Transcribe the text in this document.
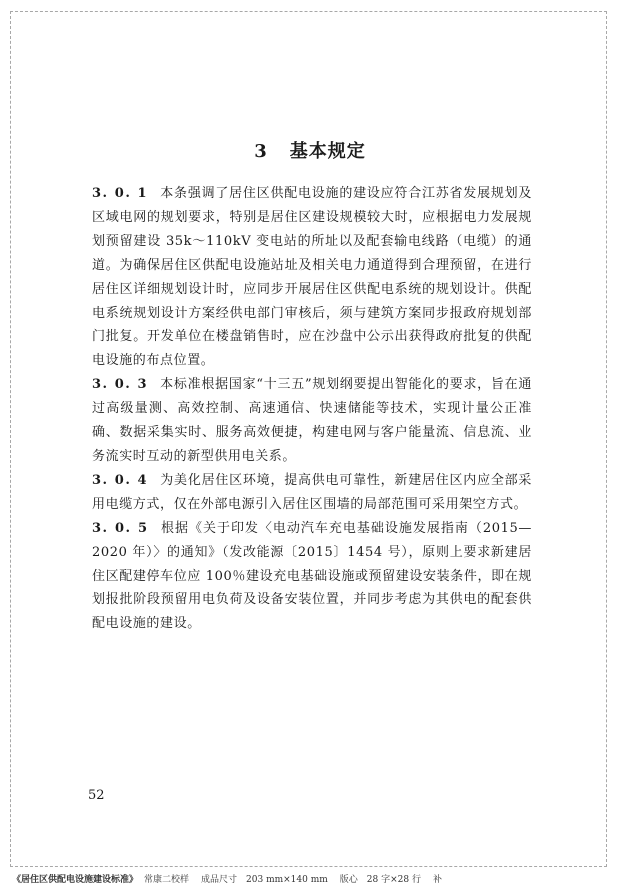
3 基本规定

3. 0. 1 本条强调了居住区供配电设施的建设应符合江苏省发展规划及区域电网的规划要求，特别是居住区建设规模较大时，应根据电力发展规划预留建设 35k～110kV 变电站的所址以及配套输电线路（电缆）的通道。为确保居住区供配电设施站址及相关电力通道得到合理预留，在进行居住区详细规划设计时，应同步开展居住区供配电系统的规划设计。供配电系统规划设计方案经供电部门审核后，须与建筑方案同步报政府规划部门批复。开发单位在楼盘销售时，应在沙盘中公示出获得政府批复的供配电设施的布点位置。

3. 0. 3 本标准根据国家“十三五”规划纲要提出智能化的要求，旨在通过高级量测、高效控制、高速通信、快速储能等技术，实现计量公正准确、数据采集实时、服务高效便捷，构建电网与客户能量流、信息流、业务流实时互动的新型供用电关系。

3. 0. 4 为美化居住区环境，提高供电可靠性，新建居住区内应全部采用电缆方式，仅在外部电源引入居住区围墙的局部范围可采用架空方式。

3. 0. 5 根据《关于印发〈电动汽车充电基础设施发展指南（2015—2020 年）〉的通知》（发改能源〔2015〕1454 号），原则上要求新建居住区配建停车位应 100％建设充电基础设施或预留建设安装条件，即在规划报批阶段预留用电负荷及设备安装位置，并同步考虑为其供电的配套供配电设施的建设。

52
《居住区供配电设施建设标准》 常康二校样 成品尺寸　203 mm×140 mm 版心　28 字×28 行 补
